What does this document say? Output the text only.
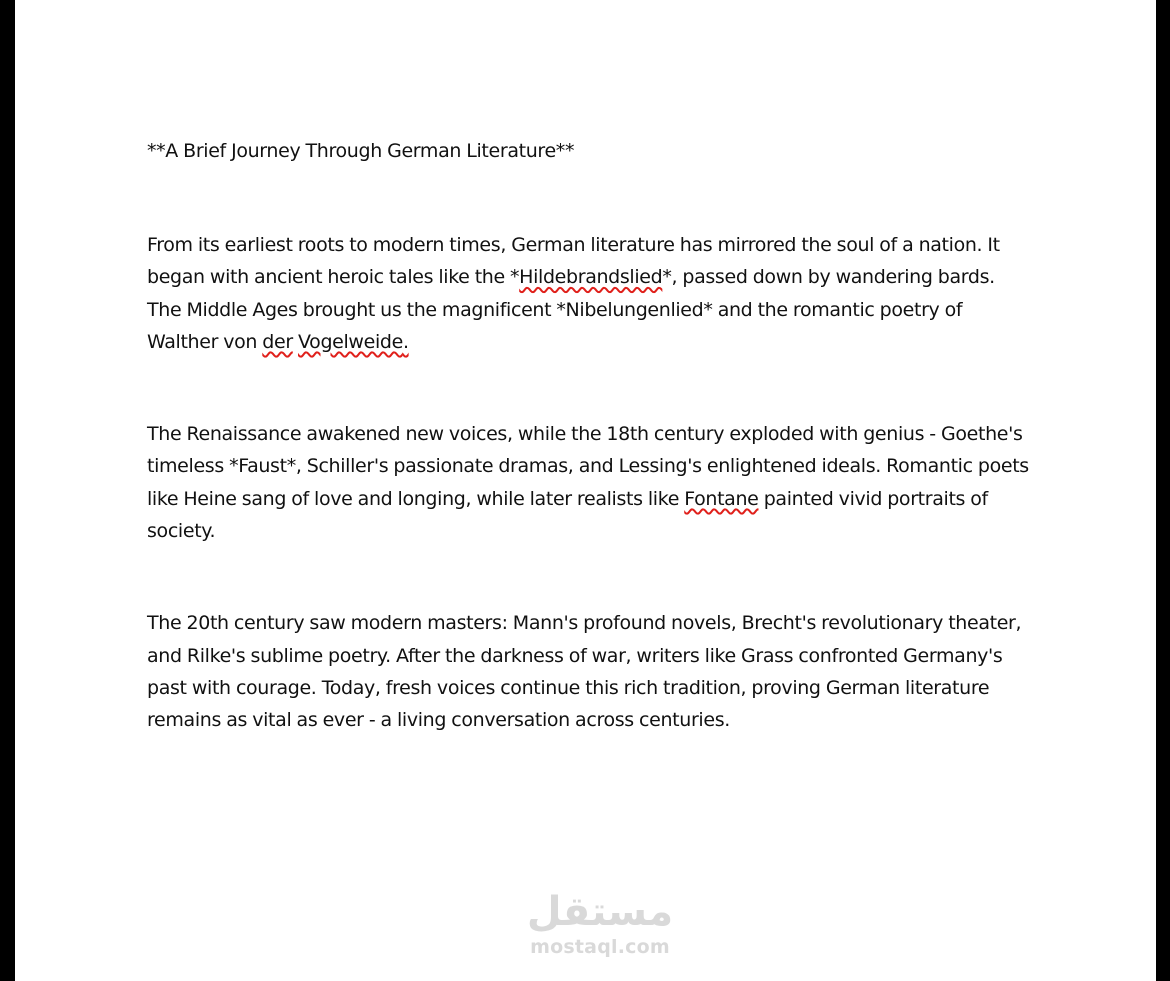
**A Brief Journey Through German Literature**

From its earliest roots to modern times, German literature has mirrored the soul of a nation. It
began with ancient heroic tales like the *Hildebrandslied*, passed down by wandering bards.
The Middle Ages brought us the magnificent *Nibelungenlied* and the romantic poetry of
Walther von der Vogelweide.

The Renaissance awakened new voices, while the 18th century exploded with genius - Goethe's
timeless *Faust*, Schiller's passionate dramas, and Lessing's enlightened ideals. Romantic poets
like Heine sang of love and longing, while later realists like Fontane painted vivid portraits of
society.

The 20th century saw modern masters: Mann's profound novels, Brecht's revolutionary theater,
and Rilke's sublime poetry. After the darkness of war, writers like Grass confronted Germany's
past with courage. Today, fresh voices continue this rich tradition, proving German literature
remains as vital as ever - a living conversation across centuries.

مستقل
mostaql.com
